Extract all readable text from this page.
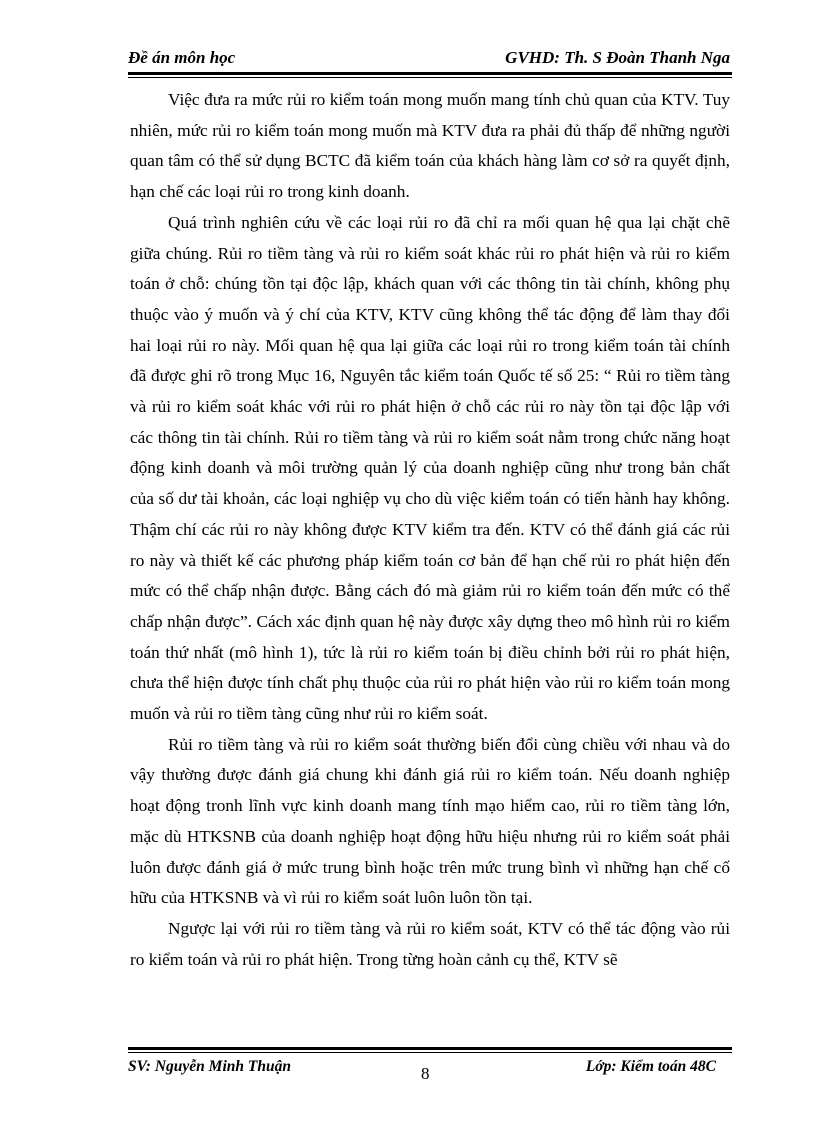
Đề án môn học	GVHD: Th. S Đoàn Thanh Nga

Việc đưa ra mức rủi ro kiểm toán mong muốn mang tính chủ quan của KTV. Tuy nhiên, mức rủi ro kiểm toán mong muốn mà KTV đưa ra phải đủ thấp để những người quan tâm có thể sử dụng BCTC đã kiểm toán của khách hàng làm cơ sở ra quyết định, hạn chế các loại rủi ro trong kinh doanh.

Quá trình nghiên cứu về các loại rủi ro đã chỉ ra mối quan hệ qua lại chặt chẽ giữa chúng. Rủi ro tiềm tàng và rủi ro kiểm soát khác rủi ro phát hiện và rủi ro kiểm toán ở chỗ: chúng tồn tại độc lập, khách quan với các thông tin tài chính, không phụ thuộc vào ý muốn và ý chí của KTV, KTV cũng không thể tác động để làm thay đổi hai loại rủi ro này. Mối quan hệ qua lại giữa các loại rủi ro trong kiểm toán tài chính đã được ghi rõ trong Mục 16, Nguyên tắc kiểm toán Quốc tế số 25: “ Rủi ro tiềm tàng và rủi ro kiểm soát khác với rủi ro phát hiện ở chỗ các rủi ro này tồn tại độc lập với các thông tin tài chính. Rủi ro tiềm tàng và rủi ro kiểm soát nằm trong chức năng hoạt động kinh doanh và môi trường quản lý của doanh nghiệp cũng như trong bản chất của số dư tài khoản, các loại nghiệp vụ cho dù việc kiểm toán có tiến hành hay không. Thậm chí các rủi ro này không được KTV kiểm tra đến. KTV có thể đánh giá các rủi ro này và thiết kế các phương pháp kiểm toán cơ bản để hạn chế rủi ro phát hiện đến mức có thể chấp nhận được. Bằng cách đó mà giảm rủi ro kiểm toán đến mức có thể chấp nhận được”. Cách xác định quan hệ này được xây dựng theo mô hình rủi ro kiểm toán thứ nhất (mô hình 1), tức là rủi ro kiểm toán bị điều chỉnh bởi rủi ro phát hiện, chưa thể hiện được tính chất phụ thuộc của rủi ro phát hiện vào rủi ro kiểm toán mong muốn và rủi ro tiềm tàng cũng như rủi ro kiểm soát.

Rủi ro tiềm tàng và rủi ro kiểm soát thường biến đổi cùng chiều với nhau và do vậy thường được đánh giá chung khi đánh giá rủi ro kiểm toán. Nếu doanh nghiệp hoạt động tronh lĩnh vực kinh doanh mang tính mạo hiểm cao, rủi ro tiềm tàng lớn, mặc dù HTKSNB của doanh nghiệp hoạt động hữu hiệu nhưng rủi ro kiểm soát phải luôn được đánh giá ở mức trung bình hoặc trên mức trung bình vì những hạn chế cố hữu của HTKSNB và vì rủi ro kiểm soát luôn luôn tồn tại.

Ngược lại với rủi ro tiềm tàng và rủi ro kiểm soát, KTV có thể tác động vào rủi ro kiểm toán và rủi ro phát hiện. Trong từng hoàn cảnh cụ thể, KTV sẽ

SV: Nguyễn Minh Thuận	8	Lớp: Kiểm toán 48C
